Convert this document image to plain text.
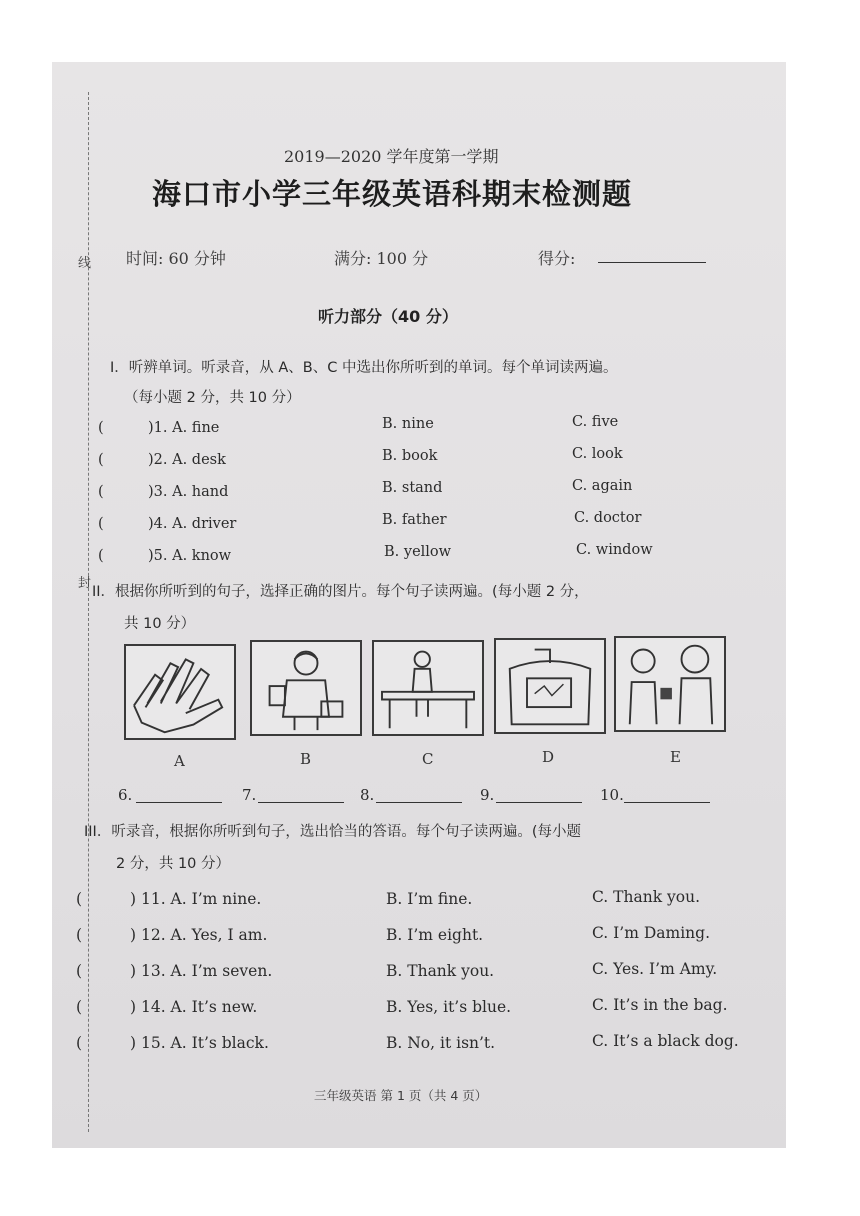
线
封
2019—2020 学年度第一学期
海口市小学三年级英语科期末检测题
时间: 60 分钟	满分: 100 分	得分:
听力部分（40 分）
I．听辨单词。听录音，从 A、B、C 中选出你所听到的单词。每个单词读两遍。
（每小题 2 分，共 10 分）
(	)1. A. fine	B. nine	C. five
(	)2. A. desk	B. book	C. look
(	)3. A. hand	B. stand	C. again
(	)4. A. driver	B. father	C. doctor
(	)5. A. know	B. yellow	C. window
II．根据你所听到的句子，选择正确的图片。每个句子读两遍。(每小题 2 分，
共 10 分）
A	B	C	D	E
6.	7.	8.	9.	10.
III．听录音，根据你所听到句子，选出恰当的答语。每个句子读两遍。(每小题
2 分，共 10 分）
(	) 11. A. I’m nine.	B. I’m fine.	C. Thank you.
(	) 12. A. Yes, I am.	B. I’m eight.	C. I’m Daming.
(	) 13. A. I’m seven.	B. Thank you.	C. Yes. I’m Amy.
(	) 14. A. It’s new.	B. Yes, it’s blue.	C. It’s in the bag.
(	) 15. A. It’s black.	B. No, it isn’t.	C. It’s a black dog.
三年级英语 第 1 页（共 4 页）
